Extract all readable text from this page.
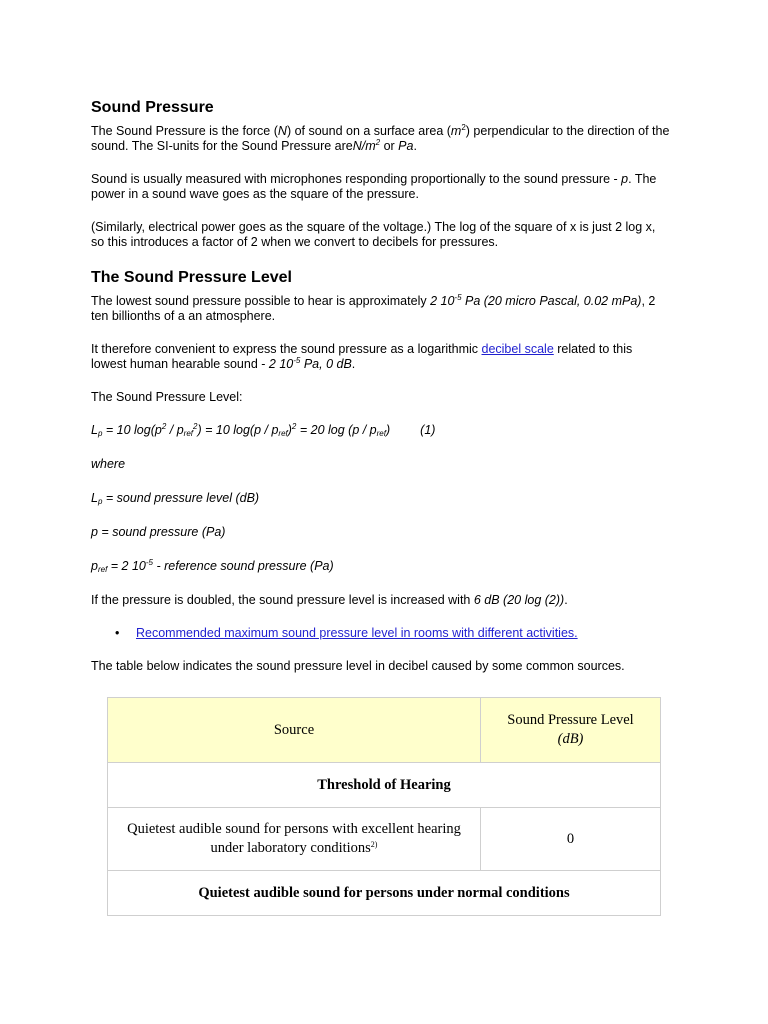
Sound Pressure

The Sound Pressure is the force (N) of sound on a surface area $(m^2)$ perpendicular to the direction of the sound. The SI-units for the Sound Pressure areN/$m^2$ or Pa.

Sound is usually measured with microphones responding proportionally to the sound pressure - p. The power in a sound wave goes as the square of the pressure.

(Similarly, electrical power goes as the square of the voltage.) The log of the square of x is just 2 log x, so this introduces a factor of 2 when we convert to decibels for pressures.

The Sound Pressure Level

The lowest sound pressure possible to hear is approximately 2 $10^{-5}$ Pa (20 micro Pascal, 0.02 mPa), 2 ten billionths of a an atmosphere.

It therefore convenient to express the sound pressure as a logarithmic decibel scale related to this lowest human hearable sound - 2 $10^{-5}$ Pa, 0 dB.

The Sound Pressure Level:

$L_p = 10$ $\log(p^2 / p_{ref}^2) = 10$ $\log(p / p_{ref})^2 = 20$ $\log (p / p_{ref})$ (1)

where

$L_p$ = sound pressure level (dB)

p = sound pressure (Pa)

$p_{ref} = 2$ $10^{-5}$ - reference sound pressure (Pa)

If the pressure is doubled, the sound pressure level is increased with 6 dB (20 log (2)).

• Recommended maximum sound pressure level in rooms with different activities.

The table below indicates the sound pressure level in decibel caused by some common sources.

Source	Sound Pressure Level
(dB)
Threshold of Hearing	
Quietest audible sound for persons with excellent hearing under laboratory conditions$^{2)}$	0
Quietest audible sound for persons under normal conditions	
